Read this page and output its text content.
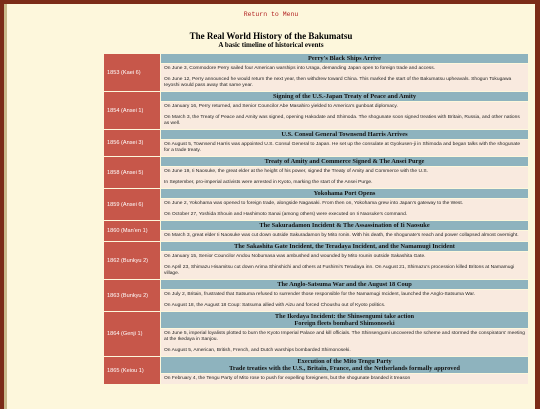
Return to Menu
The Real World History of the Bakumatsu
A basic timeline of historical events
1853 (Kaei 6)	Perry's Black Ships Arrive

	On June 3, Commodore Perry sailed four American warships into Uraga, demanding Japan open to foreign trade and access.

On June 12, Perry announced he would return the next year, then withdrew toward China. This marked the start of the Bakumatsu upheavals. Shogun Tokugawa Ieyoshi would pass away that same year.

1854 (Ansei 1)	Signing of the U.S.-Japan Treaty of Peace and Amity

	On January 16, Perry returned, and Senior Councilor Abe Masahiro yielded to America's gunboat diplomacy.

On March 3, the Treaty of Peace and Amity was signed, opening Hakodate and Shimoda. The shogunate soon signed treaties with Britain, Russia, and other nations as well.

1856 (Ansei 3)	U.S. Consul General Townsend Harris Arrives

	On August 5, Townsend Harris was appointed U.S. Consul General to Japan. He set up the consulate at Gyokusen-ji in Shimoda and began talks with the shogunate for a trade treaty.

1858 (Ansei 5)	Treaty of Amity and Commerce Signed & The Ansei Purge

	On June 19, Ii Naosuke, the great elder at the height of his power, signed the Treaty of Amity and Commerce with the U.S.

In September, pro-imperial activists were arrested in Kyoto, marking the start of the Ansei Purge.

1859 (Ansei 6)	Yokohama Port Opens

	On June 2, Yokohama was opened to foreign trade, alongside Nagasaki. From then on, Yokohama grew into Japan's gateway to the West.

On October 27, Yoshida Shouin and Hashimoto Sanai (among others) were executed on Ii Naosuke's command.

1860 (Man'en 1)	The Sakuradamon Incident & The Assassination of Ii Naosuke

	On March 3, great elder Ii Naosuke was cut down outside Sakuradamon by Mito ronin. With his death, the shogunate's reach and power collapsed almost overnight.

1862 (Bunkyu 2)	The Sakashita Gate Incident, the Teradaya Incident, and the Namamugi Incident

	On January 15, Senior Councilor Andou Nobumasa was ambushed and wounded by Mito rounin outside Sakashita Gate.

On April 23, Shimazu Hisamitsu cut down Arima Shinshichi and others at Fushimi's Teradaya inn. On August 21, Shimazu's procession killed Britons at Namamugi village.

1863 (Bunkyu 2)	The Anglo-Satsuma War and the August 18 Coup

	On July 2, Britain, frustrated that Satsuma refused to surrender those responsible for the Namamugi Incident, launched the Anglo-Satsuma War.

On August 18, the August 18 Coup: Satsuma allied with Aizu and forced Choushu out of Kyoto politics.

1864 (Genji 1)	The Ikedaya Incident: the Shinsengumi take action
Foreign fleets bombard Shimonoseki

	On June 5, imperial loyalists plotted to burn the Kyoto Imperial Palace and kill officials. The Shinsengumi uncovered the scheme and stormed the conspirators' meeting at the Ikedaya in Sanjou.

On August 5, American, British, French, and Dutch warships bombarded Shimonoseki.

1865 (Keiou 1)	Execution of the Mito Tengu Party
Trade treaties with the U.S., Britain, France, and the Netherlands formally approved

	On February 4, the Tengu Party of Mito rose to push for expelling foreigners, but the shogunate branded it treason
